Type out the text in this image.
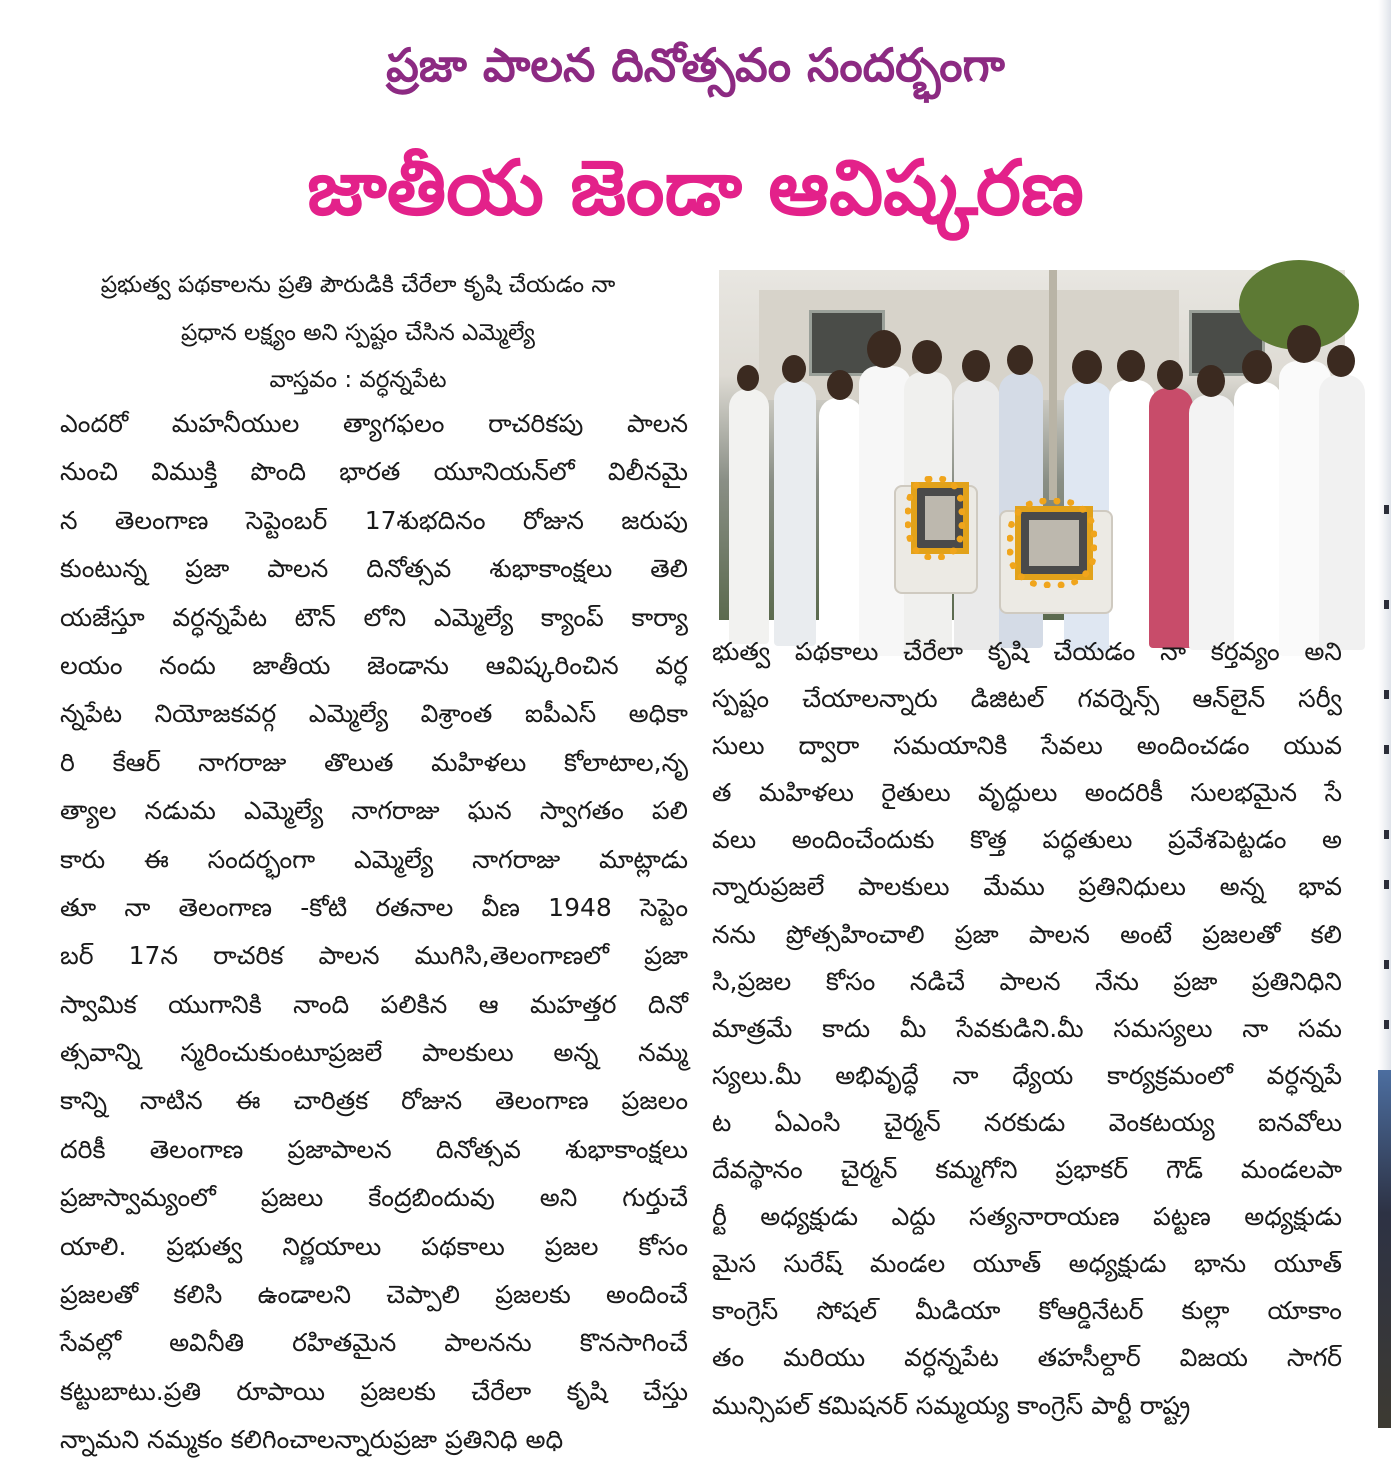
ప్రజా పాలన దినోత్సవం సందర్భంగా
జాతీయ జెండా ఆవిష్కరణ
ప్రభుత్వ పథకాలను ప్రతి పౌరుడికి చేరేలా కృషి చేయడం నా
ప్రధాన లక్ష్యం అని స్పష్టం చేసిన ఎమ్మెల్యే
వాస్తవం : వర్ధన్నపేట
ఎందరో మహనీయుల త్యాగఫలం రాచరికపు పాలన
నుంచి విముక్తి పొంది భారత యూనియన్‌లో విలీనమై
న తెలంగాణ సెప్టెంబర్ 17శుభదినం రోజున జరుపు
కుంటున్న ప్రజా పాలన దినోత్సవ శుభాకాంక్షలు తెలి
యజేస్తూ వర్ధన్నపేట టౌన్ లోని ఎమ్మెల్యే క్యాంప్ కార్యా
లయం నందు జాతీయ జెండాను ఆవిష్కరించిన వర్ధ
న్నపేట నియోజకవర్గ ఎమ్మెల్యే విశ్రాంత ఐపీఎస్ అధికా
రి కేఆర్ నాగరాజు తొలుత మహిళలు కోలాటాల,నృ
త్యాల నడుమ ఎమ్మెల్యే నాగరాజు ఘన స్వాగతం పలి
కారు ఈ సందర్భంగా ఎమ్మెల్యే నాగరాజు మాట్లాడు
తూ నా తెలంగాణ -కోటి రతనాల వీణ 1948 సెప్టెం
బర్ 17న రాచరిక పాలన ముగిసి,తెలంగాణలో ప్రజా
స్వామిక యుగానికి నాంది పలికిన ఆ మహత్తర దినో
త్సవాన్ని స్మరించుకుంటూప్రజలే పాలకులు అన్న నమ్మ
కాన్ని నాటిన ఈ చారిత్రక రోజున తెలంగాణ ప్రజలం
దరికీ తెలంగాణ ప్రజాపాలన దినోత్సవ శుభాకాంక్షలు
ప్రజాస్వామ్యంలో ప్రజలు కేంద్రబిందువు అని గుర్తుచే
యాలి. ప్రభుత్వ నిర్ణయాలు పథకాలు ప్రజల కోసం
ప్రజలతో కలిసి ఉండాలని చెప్పాలి ప్రజలకు అందించే
సేవల్లో అవినీతి రహితమైన పాలనను కొనసాగించే
కట్టుబాటు.ప్రతి రూపాయి ప్రజలకు చేరేలా కృషి చేస్తు
న్నామని నమ్మకం కలిగించాలన్నారుప్రజా ప్రతినిధి అధి
భుత్వ పథకాలు చేరేలా కృషి చేయడం నా కర్తవ్యం అని
స్పష్టం చేయాలన్నారు డిజిటల్ గవర్నెన్స్ ఆన్‌లైన్ సర్వీ
సులు ద్వారా సమయానికి సేవలు అందించడం యువ
త మహిళలు రైతులు వృద్ధులు అందరికీ సులభమైన సే
వలు అందించేందుకు కొత్త పద్ధతులు ప్రవేశపెట్టడం అ
న్నారుప్రజలే పాలకులు మేము ప్రతినిధులు అన్న భావ
నను ప్రోత్సహించాలి ప్రజా పాలన అంటే ప్రజలతో కలి
సి,ప్రజల కోసం నడిచే పాలన నేను ప్రజా ప్రతినిధిని
మాత్రమే కాదు మీ సేవకుడిని.మీ సమస్యలు నా సమ
స్యలు.మీ అభివృద్ధే నా ధ్యేయ కార్యక్రమంలో వర్ధన్నపే
ట ఏఎంసి చైర్మన్ నరకుడు వెంకటయ్య ఐనవోలు
దేవస్థానం చైర్మన్ కమ్మగోని ప్రభాకర్ గౌడ్ మండలపా
ర్టీ అధ్యక్షుడు ఎద్దు సత్యనారాయణ పట్టణ అధ్యక్షుడు
మైస సురేష్ మండల యూత్ అధ్యక్షుడు భాను యూత్
కాంగ్రెస్ సోషల్ మీడియా కోఆర్డినేటర్ కుల్లా యాకాం
తం మరియు వర్ధన్నపేట తహసీల్దార్ విజయ సాగర్
మున్సిపల్ కమిషనర్ సమ్మయ్య కాంగ్రెస్ పార్టీ రాష్ట్ర
